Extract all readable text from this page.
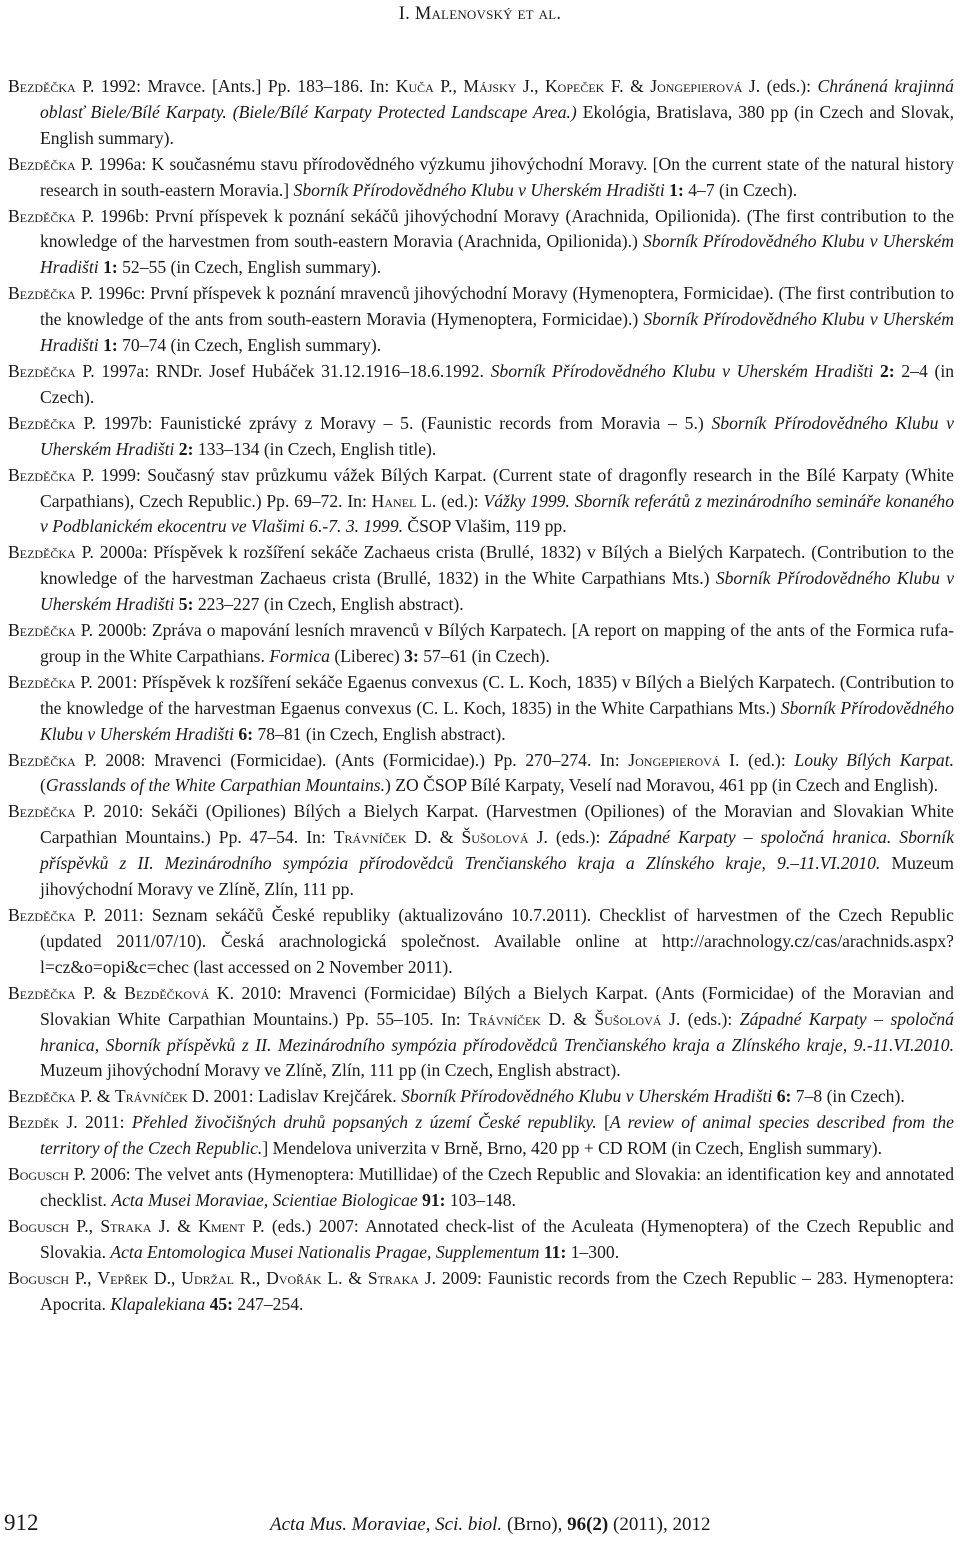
I. Malenovský et al.

Bezděčka P. 1992: Mravce. [Ants.] Pp. 183–186. In: Kuča P., Májsky J., Kopeček F. & Jongepierová J. (eds.): Chránená krajinná oblasť Biele/Bílé Karpaty. (Biele/Bílé Karpaty Protected Landscape Area.) Ekológia, Bratislava, 380 pp (in Czech and Slovak, English summary).

Bezděčka P. 1996a: K současnému stavu přírodovědného výzkumu jihovýchodní Moravy. [On the current state of the natural history research in south-eastern Moravia.] Sborník Přírodovědného Klubu v Uherském Hradišti 1: 4–7 (in Czech).

Bezděčka P. 1996b: První příspevek k poznání sekáčů jihovýchodní Moravy (Arachnida, Opilionida). (The first contribution to the knowledge of the harvestmen from south-eastern Moravia (Arachnida, Opilionida).) Sborník Přírodovědného Klubu v Uherském Hradišti 1: 52–55 (in Czech, English summary).

Bezděčka P. 1996c: První příspevek k poznání mravenců jihovýchodní Moravy (Hymenoptera, Formicidae). (The first contribution to the knowledge of the ants from south-eastern Moravia (Hymenoptera, Formicidae).) Sborník Přírodovědného Klubu v Uherském Hradišti 1: 70–74 (in Czech, English summary).

Bezděčka P. 1997a: RNDr. Josef Hubáček 31.12.1916–18.6.1992. Sborník Přírodovědného Klubu v Uherském Hradišti 2: 2–4 (in Czech).

Bezděčka P. 1997b: Faunistické zprávy z Moravy – 5. (Faunistic records from Moravia – 5.) Sborník Přírodovědného Klubu v Uherském Hradišti 2: 133–134 (in Czech, English title).

Bezděčka P. 1999: Současný stav průzkumu vážek Bílých Karpat. (Current state of dragonfly research in the Bílé Karpaty (White Carpathians), Czech Republic.) Pp. 69–72. In: Hanel L. (ed.): Vážky 1999. Sborník referátů z mezinárodního semináře konaného v Podblanickém ekocentru ve Vlašimi 6.-7. 3. 1999. ČSOP Vlašim, 119 pp.

Bezděčka P. 2000a: Příspěvek k rozšíření sekáče Zachaeus crista (Brullé, 1832) v Bílých a Bielých Karpatech. (Contribution to the knowledge of the harvestman Zachaeus crista (Brullé, 1832) in the White Carpathians Mts.) Sborník Přírodovědného Klubu v Uherském Hradišti 5: 223–227 (in Czech, English abstract).

Bezděčka P. 2000b: Zpráva o mapování lesních mravenců v Bílých Karpatech. [A report on mapping of the ants of the Formica rufa-group in the White Carpathians. Formica (Liberec) 3: 57–61 (in Czech).

Bezděčka P. 2001: Příspěvek k rozšíření sekáče Egaenus convexus (C. L. Koch, 1835) v Bílých a Bielých Karpatech. (Contribution to the knowledge of the harvestman Egaenus convexus (C. L. Koch, 1835) in the White Carpathians Mts.) Sborník Přírodovědného Klubu v Uherském Hradišti 6: 78–81 (in Czech, English abstract).

Bezděčka P. 2008: Mravenci (Formicidae). (Ants (Formicidae).) Pp. 270–274. In: Jongepierová I. (ed.): Louky Bílých Karpat. (Grasslands of the White Carpathian Mountains.) ZO ČSOP Bílé Karpaty, Veselí nad Moravou, 461 pp (in Czech and English).

Bezděčka P. 2010: Sekáči (Opiliones) Bílých a Bielych Karpat. (Harvestmen (Opiliones) of the Moravian and Slovakian White Carpathian Mountains.) Pp. 47–54. In: Trávníček D. & Šušolová J. (eds.): Západné Karpaty – spoločná hranica. Sborník příspěvků z II. Mezinárodního sympózia přírodovědců Trenčianského kraja a Zlínského kraje, 9.–11.VI.2010. Muzeum jihovýchodní Moravy ve Zlíně, Zlín, 111 pp.

Bezděčka P. 2011: Seznam sekáčů České republiky (aktualizováno 10.7.2011). Checklist of harvestmen of the Czech Republic (updated 2011/07/10). Česká arachnologická společnost. Available online at http://arachnology.cz/cas/arachnids.aspx?l=cz&o=opi&c=chec (last accessed on 2 November 2011).

Bezděčka P. & Bezděčková K. 2010: Mravenci (Formicidae) Bílých a Bielych Karpat. (Ants (Formicidae) of the Moravian and Slovakian White Carpathian Mountains.) Pp. 55–105. In: Trávníček D. & Šušolová J. (eds.): Západné Karpaty – spoločná hranica, Sborník příspěvků z II. Mezinárodního sympózia přírodovědců Trenčianského kraja a Zlínského kraje, 9.-11.VI.2010. Muzeum jihovýchodní Moravy ve Zlíně, Zlín, 111 pp (in Czech, English abstract).

Bezděčka P. & Trávníček D. 2001: Ladislav Krejčárek. Sborník Přírodovědného Klubu v Uherském Hradišti 6: 7–8 (in Czech).

Bezděk J. 2011: Přehled živočišných druhů popsaných z území České republiky. [A review of animal species described from the territory of the Czech Republic.] Mendelova univerzita v Brně, Brno, 420 pp + CD ROM (in Czech, English summary).

Bogusch P. 2006: The velvet ants (Hymenoptera: Mutillidae) of the Czech Republic and Slovakia: an identification key and annotated checklist. Acta Musei Moraviae, Scientiae Biologicae 91: 103–148.

Bogusch P., Straka J. & Kment P. (eds.) 2007: Annotated check-list of the Aculeata (Hymenoptera) of the Czech Republic and Slovakia. Acta Entomologica Musei Nationalis Pragae, Supplementum 11: 1–300.

Bogusch P., Vepřek D., Udržal R., Dvořák L. & Straka J. 2009: Faunistic records from the Czech Republic – 283. Hymenoptera: Apocrita. Klapalekiana 45: 247–254.

912	Acta Mus. Moraviae, Sci. biol. (Brno), 96(2) (2011), 2012
